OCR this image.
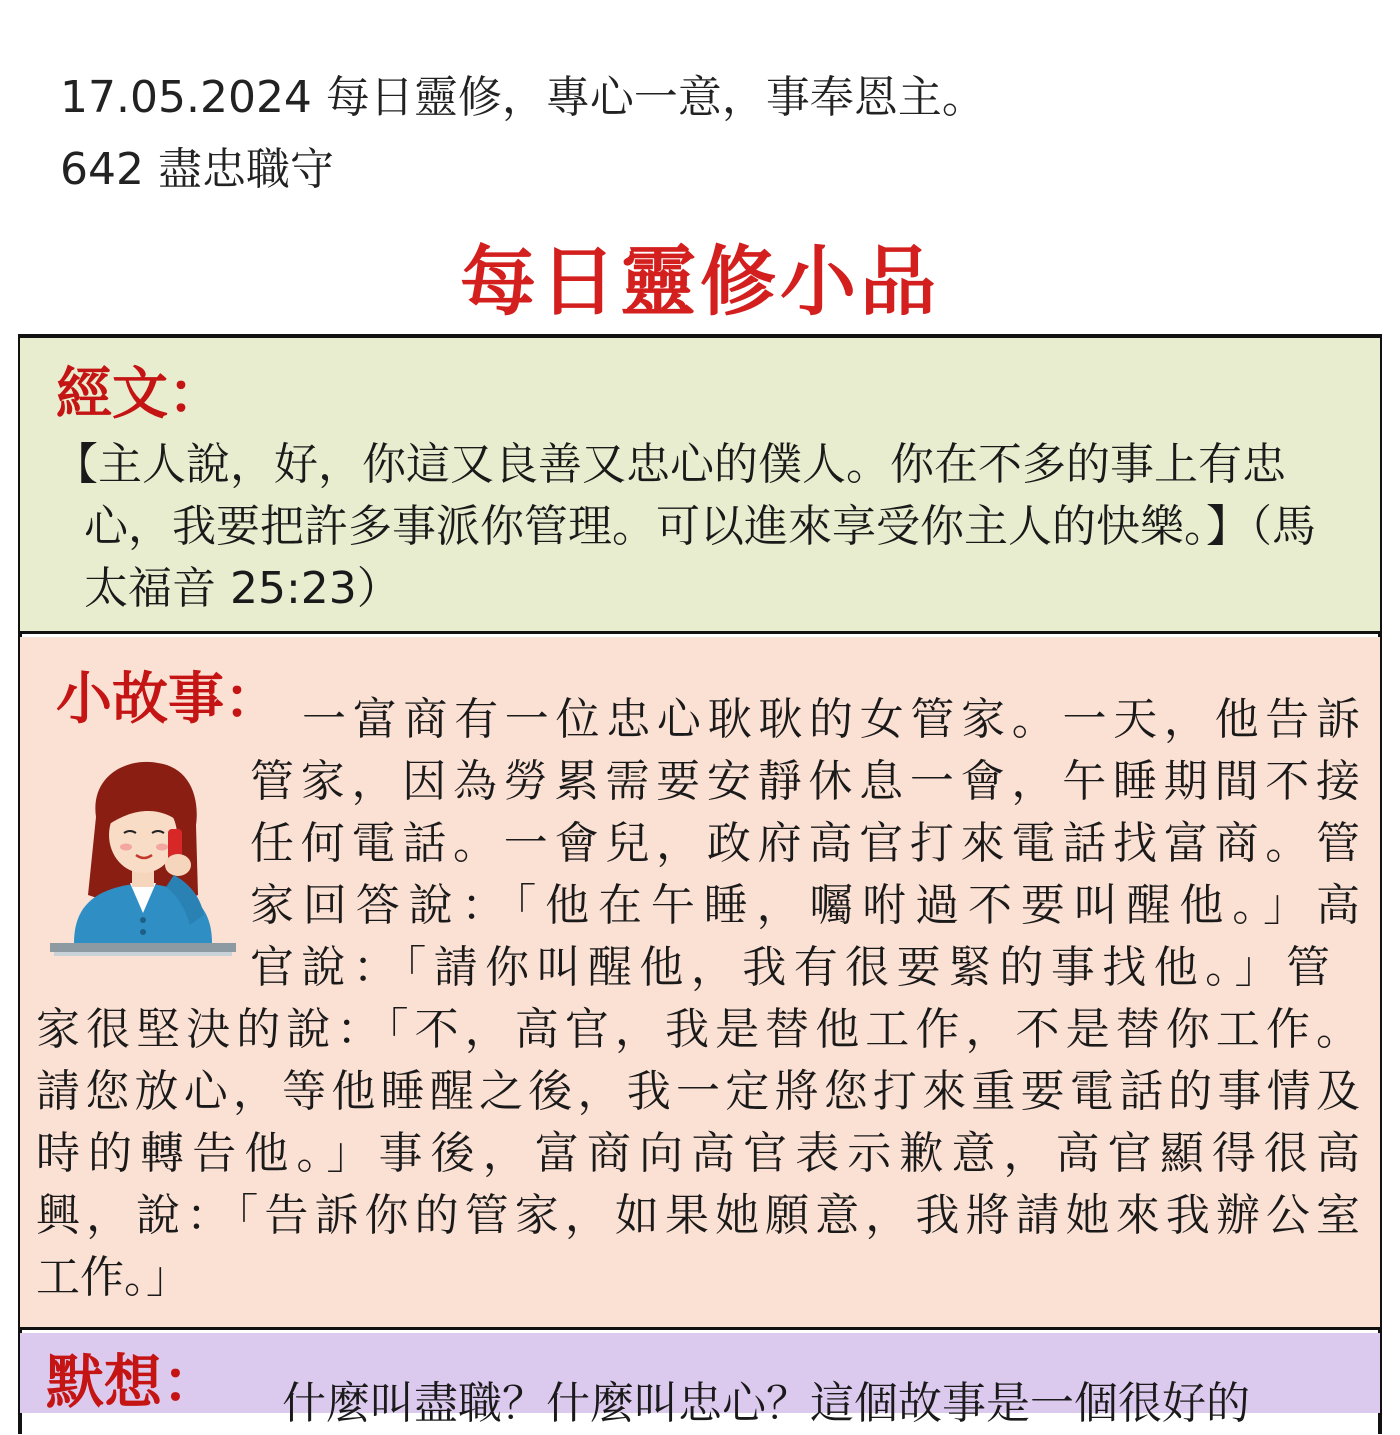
17.05.2024 每日靈修，專心一意，事奉恩主。
642 盡忠職守
每日靈修小品
經文：
【主人說，好，你這又良善又忠心的僕人。你在不多的事上有忠心，我要把許多事派你管理。可以進來享受你主人的快樂。】（馬太福音 25:23）
小故事： 一富商有一位忠心耿耿的女管家。一天，他告訴
管家，因為勞累需要安靜休息一會，午睡期間不接
任何電話。一會兒，政府高官打來電話找富商。管
家回答說：「他在午睡，囑咐過不要叫醒他。」高
官說：「請你叫醒他，我有很要緊的事找他。」管
家很堅決的說：「不，高官，我是替他工作，不是替你工作。
請您放心，等他睡醒之後，我一定將您打來重要電話的事情及
時的轉告他。」事後，富商向高官表示歉意，高官顯得很高
興，說：「告訴你的管家，如果她願意，我將請她來我辦公室
工作。」
默想： 什麼叫盡職？什麼叫忠心？這個故事是一個很好的
